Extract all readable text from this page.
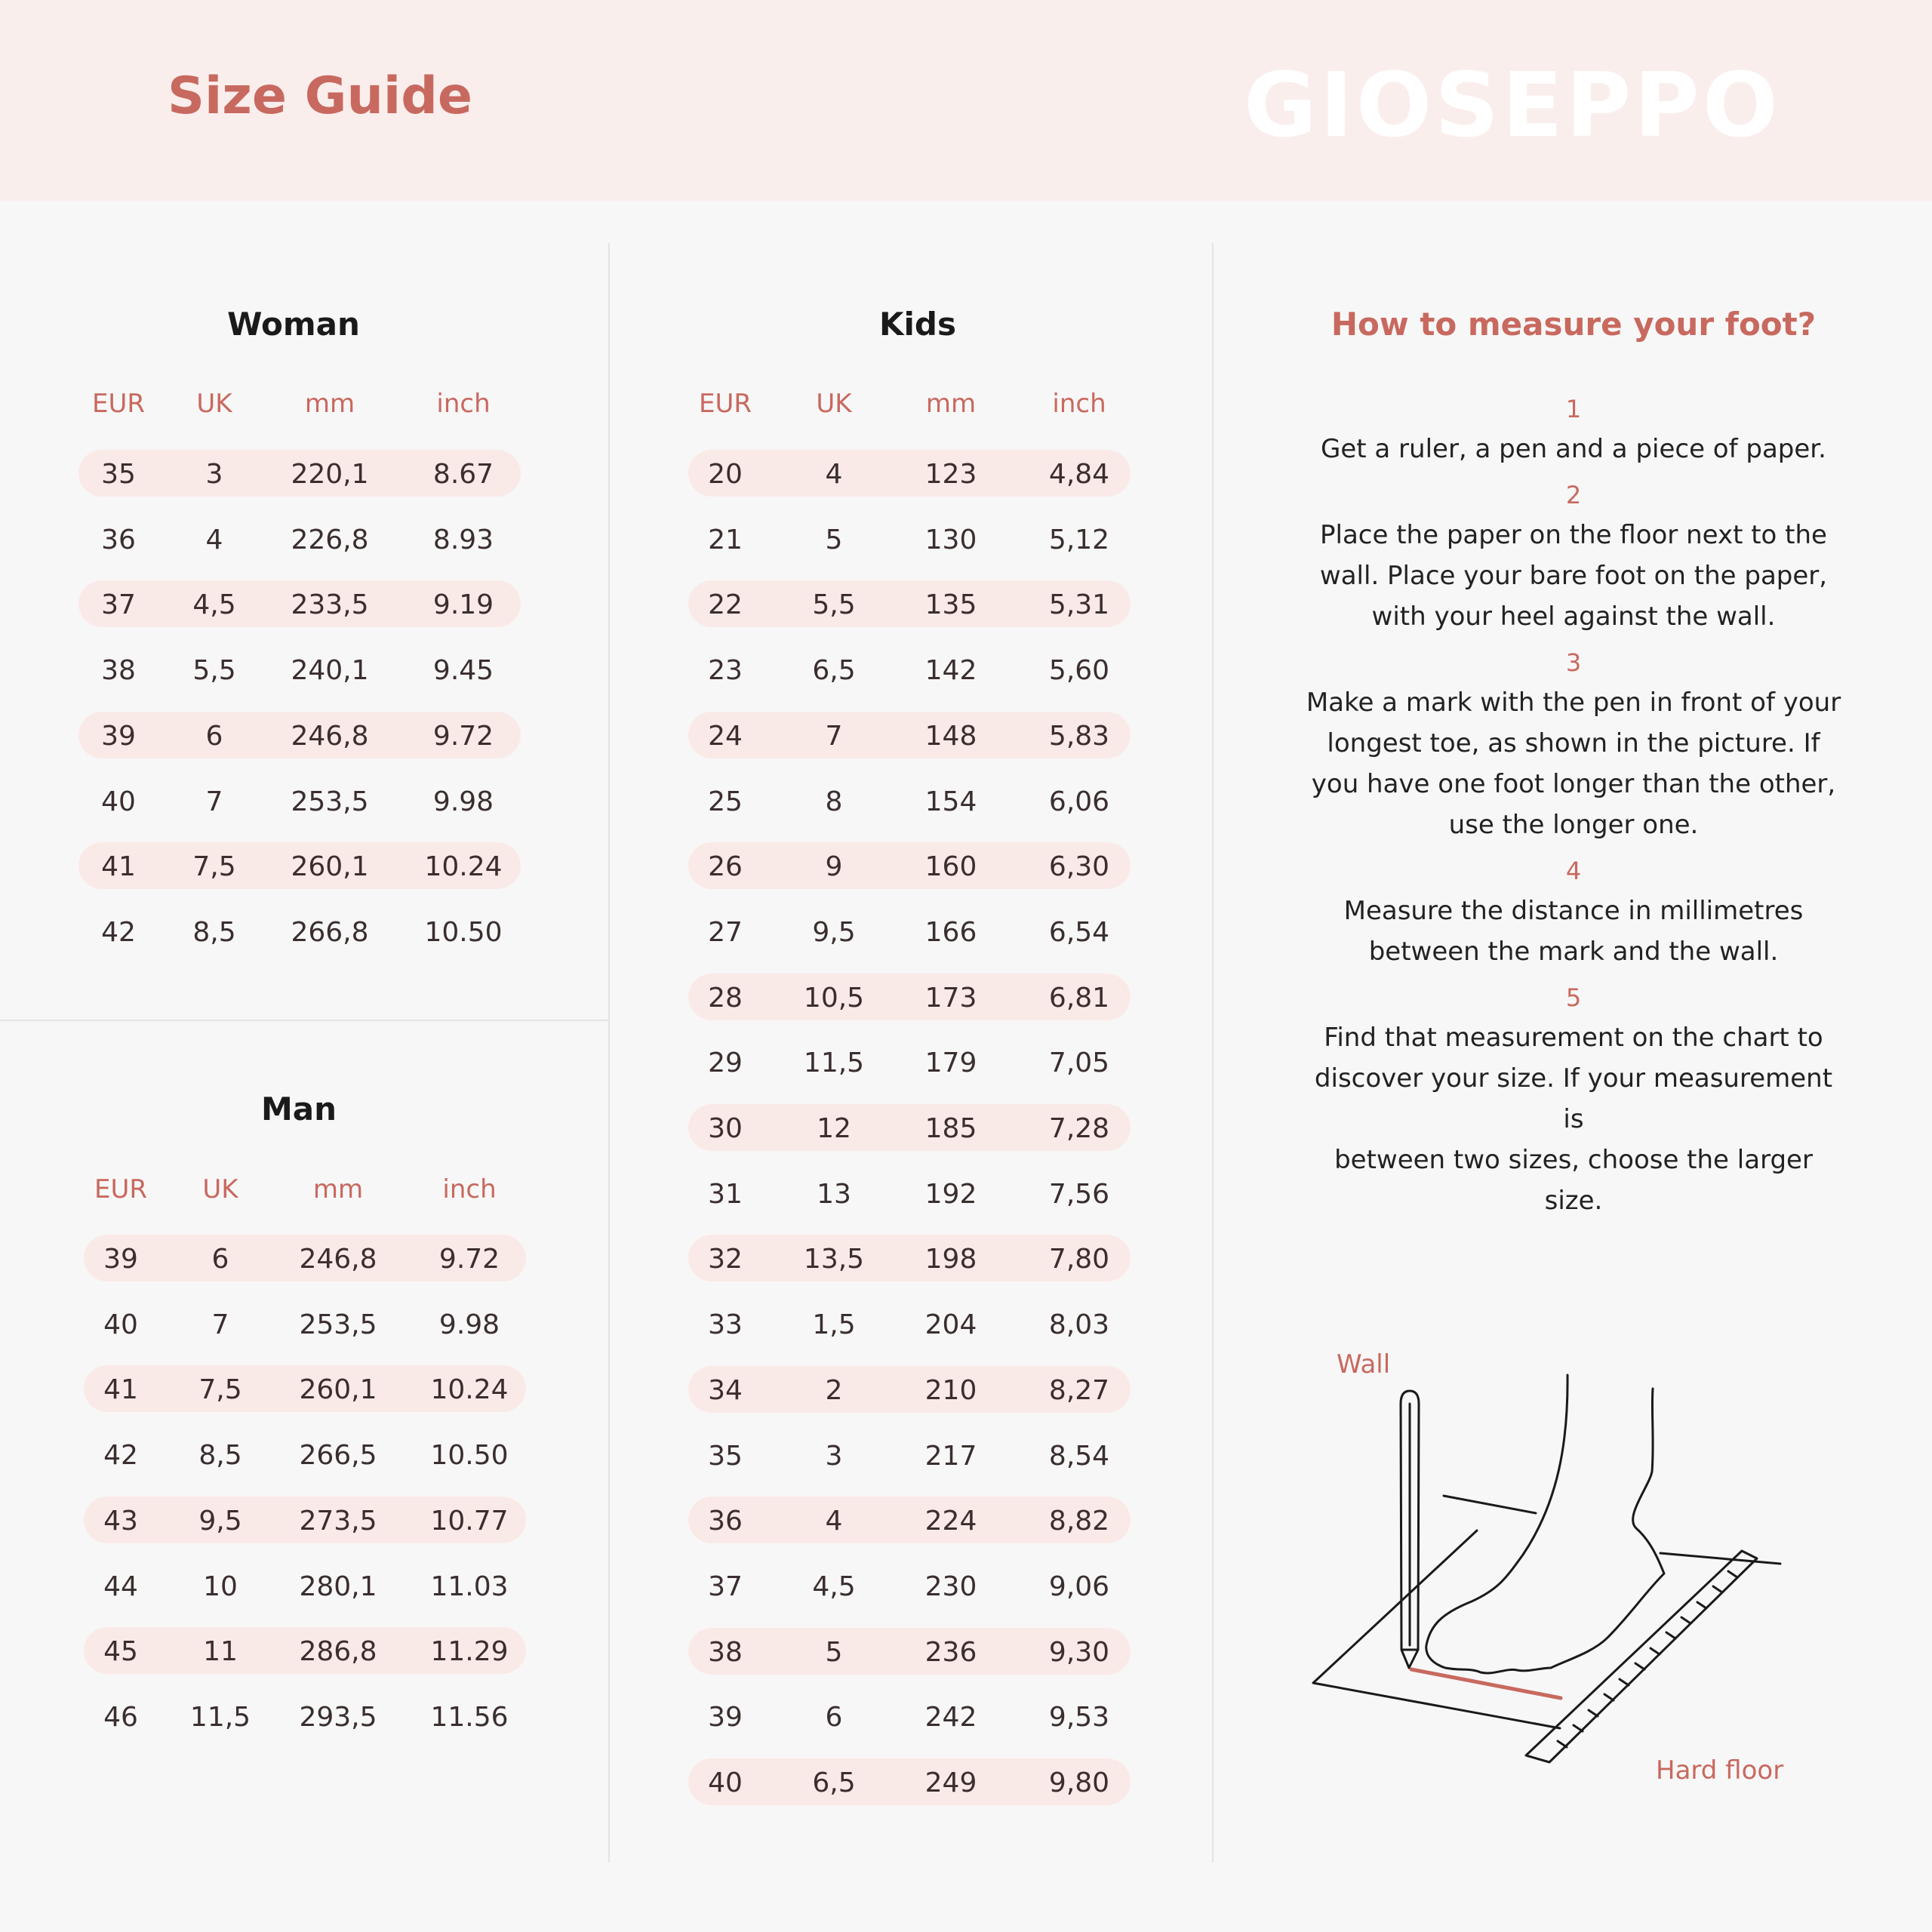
Size Guide	GIOSEPPO
Woman
EUR UK	mm	inch
35	3	220,1 8.67
36	4	226,8 8.93
37 4,5 233,5 9.19
38 5,5 240,1 9.45
39	6	246,8 9.72
40	7	253,5 9.98
41 7,5 260,1 10.24
42 8,5 266,8 10.50
Man
EUR UK	mm	inch
39	6	246,8 9.72
40	7	253,5 9.98
41 7,5 260,1 10.24
42 8,5 266,5 10.50
43 9,5 273,5 10.77
44 10 280,1 11.03
45 11 286,8 11.29
46 11,5 293,5 11.56
Kids
EUR	UK	mm	inch
20	4	123	4,84
21	5	130	5,12
22	5,5	135	5,31
23	6,5	142	5,60
24	7	148	5,83
25	8	154	6,06
26	9	160	6,30
27	9,5	166	6,54
28 10,5 173	6,81
29 11,5 179	7,05
30	12	185	7,28
31	13	192	7,56
32 13,5 198	7,80
33	1,5	204	8,03
34	2	210	8,27
35	3	217	8,54
36	4	224	8,82
37	4,5	230	9,06
38	5	236	9,30
39	6	242	9,53
40	6,5	249	9,80
How to measure your foot?
1
Get a ruler, a pen and a piece of paper.
2
Place the paper on the floor next to the
wall. Place your bare foot on the paper,
with your heel against the wall.
3
Make a mark with the pen in front of your
longest toe, as shown in the picture. If
you have one foot longer than the other,
use the longer one.
4
Measure the distance in millimetres
between the mark and the wall.
5
Find that measurement on the chart to
discover your size. If your measurement is
between two sizes, choose the larger size.
Wall
Hard floor
